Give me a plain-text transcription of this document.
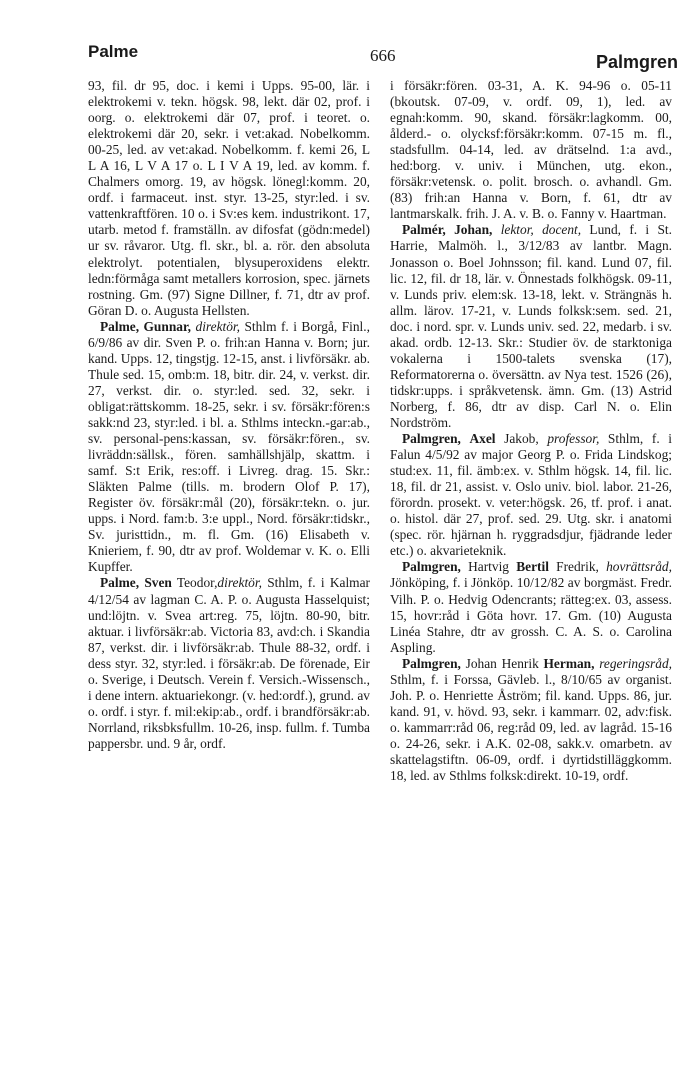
Palme	666	Palmgren

93, fil. dr 95, doc. i kemi i Upps. 95-00, lär. i elektrokemi v. tekn. högsk. 98, lekt. där 02, prof. i oorg. o. elektrokemi där 07, prof. i teoret. o. elektrokemi där 20, sekr. i vet:akad. Nobelkomm. 00-25, led. av vet:akad. Nobelkomm. f. kemi 26, L L A 16, L V A 17 o. L I V A 19, led. av komm. f. Chalmers omorg. 19, av högsk. lönegl:komm. 20, ordf. i farmaceut. inst. styr. 13-25, styr:led. i sv. vattenkraftfören. 10 o. i Sv:es kem. industrikont. 17, utarb. metod f. framställn. av difosfat (gödn:medel) ur sv. råvaror. Utg. fl. skr., bl. a. rör. den absoluta elektrolyt. potentialen, blysuperoxidens elektr. ledn:förmåga samt metallers korrosion, spec. järnets rostning. Gm. (97) Signe Dillner, f. 71, dtr av prof. Göran D. o. Augusta Hellsten.

Palme, Gunnar, direktör, Sthlm f. i Borgå, Finl., 6/9/86 av dir. Sven P. o. frih:an Hanna v. Born; jur. kand. Upps. 12, tingstjg. 12-15, anst. i livförsäkr. ab. Thule sed. 15, omb:m. 18, bitr. dir. 24, v. verkst. dir. 27, verkst. dir. o. styr:led. sed. 32, sekr. i obligat:rättskomm. 18-25, sekr. i sv. försäkr:fören:s sakk:nd 23, styr:led. i bl. a. Sthlms inteckn.-gar:ab., sv. personal-pens:kassan, sv. försäkr:fören., sv. livräddn:sällsk., fören. samhällshjälp, skattm. i samf. S:t Erik, res:off. i Livreg. drag. 15. Skr.: Släkten Palme (tills. m. brodern Olof P. 17), Register öv. försäkr:mål (20), försäkr:tekn. o. jur. upps. i Nord. fam:b. 3:e uppl., Nord. försäkr:tidskr., Sv. juristtidn., m. fl. Gm. (16) Elisabeth v. Knieriem, f. 90, dtr av prof. Woldemar v. K. o. Elli Kupffer.

Palme, Sven Teodor,direktör, Sthlm, f. i Kalmar 4/12/54 av lagman C. A. P. o. Augusta Hasselquist; und:löjtn. v. Svea art:reg. 75, löjtn. 80-90, bitr. aktuar. i livförsäkr:ab. Victoria 83, avd:ch. i Skandia 87, verkst. dir. i livförsäkr:ab. Thule 88-32, ordf. i dess styr. 32, styr:led. i försäkr:ab. De förenade, Eir o. Sverige, i Deutsch. Verein f. Versich.-Wissensch., i dene intern. aktuariekongr. (v. hed:ordf.), grund. av o. ordf. i styr. f. mil:ekip:ab., ordf. i brandförsäkr:ab. Norrland, riksbksfullm. 10-26, insp. fullm. f. Tumba pappersbr. und. 9 år, ordf.

i försäkr:fören. 03-31, A. K. 94-96 o. 05-11 (bkoutsk. 07-09, v. ordf. 09, 1), led. av egnah:komm. 90, skand. försäkr:lagkomm. 00, ålderd.- o. olycksf:försäkr:komm. 07-15 m. fl., stadsfullm. 04-14, led. av drätselnd. 1:a avd., hed:borg. v. univ. i München, utg. ekon., försäkr:vetensk. o. polit. brosch. o. avhandl. Gm. (83) frih:an Hanna v. Born, f. 61, dtr av lantmarskalk. frih. J. A. v. B. o. Fanny v. Haartman.

Palmér, Johan, lektor, docent, Lund, f. i St. Harrie, Malmöh. l., 3/12/83 av lantbr. Magn. Jonasson o. Boel Johnsson; fil. kand. Lund 07, fil. lic. 12, fil. dr 18, lär. v. Önnestads folkhögsk. 09-11, v. Lunds priv. elem:sk. 13-18, lekt. v. Strängnäs h. allm. lärov. 17-21, v. Lunds folksk:sem. sed. 21, doc. i nord. spr. v. Lunds univ. sed. 22, medarb. i sv. akad. ordb. 12-13. Skr.: Studier öv. de starktoniga vokalerna i 1500-talets svenska (17), Reformatorerna o. översättn. av Nya test. 1526 (26), tidskr:upps. i språkvetensk. ämn. Gm. (13) Astrid Norberg, f. 86, dtr av disp. Carl N. o. Elin Nordström.

Palmgren, Axel Jakob, professor, Sthlm, f. i Falun 4/5/92 av major Georg P. o. Frida Lindskog; stud:ex. 11, fil. ämb:ex. v. Sthlm högsk. 14, fil. lic. 18, fil. dr 21, assist. v. Oslo univ. biol. labor. 21-26, förordn. prosekt. v. veter:högsk. 26, tf. prof. i anat. o. histol. där 27, prof. sed. 29. Utg. skr. i anatomi (spec. rör. hjärnan h. ryggradsdjur, fjädrande leder etc.) o. akvarieteknik.

Palmgren, Hartvig Bertil Fredrik, hovrättsråd, Jönköping, f. i Jönköp. 10/12/82 av borgmäst. Fredr. Vilh. P. o. Hedvig Odencrants; rätteg:ex. 03, assess. 15, hovr:råd i Göta hovr. 17. Gm. (10) Augusta Linéa Stahre, dtr av grossh. C. A. S. o. Carolina Aspling.

Palmgren, Johan Henrik Herman, regeringsråd, Sthlm, f. i Forssa, Gävleb. l., 8/10/65 av organist. Joh. P. o. Henriette Åström; fil. kand. Upps. 86, jur. kand. 91, v. hövd. 93, sekr. i kammarr. 02, adv:fisk. o. kammarr:råd 06, reg:råd 09, led. av lagråd. 15-16 o. 24-26, sekr. i A.K. 02-08, sakk.v. omarbetn. av skattelagstiftn. 06-09, ordf. i dyrtidstilläggkomm. 18, led. av Sthlms folksk:direkt. 10-19, ordf.
